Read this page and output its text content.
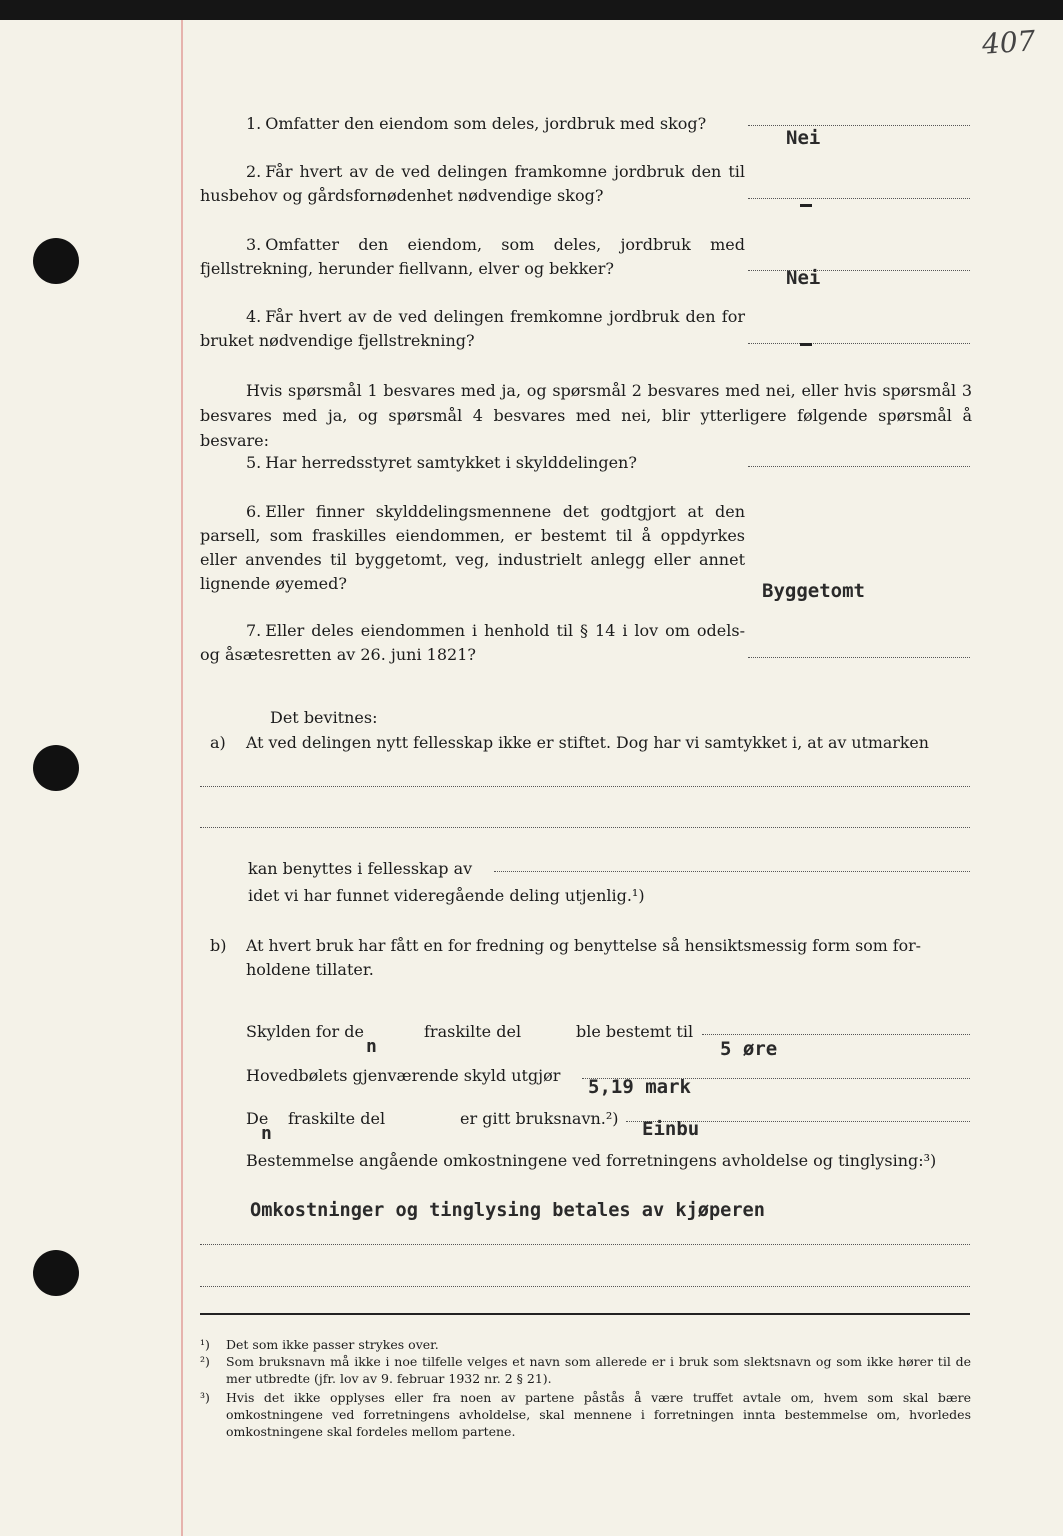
407
1. Omfatter den eiendom som deles, jordbruk med skog?
Nei
2. Får hvert av de ved delingen framkomne jordbruk den til husbehov og gårdsfornødenhet nødvendige skog?
3. Omfatter den eiendom, som deles, jordbruk med fjellstrekning, herunder fiellvann, elver og bekker?	Nei
4. Får hvert av de ved delingen fremkomne jordbruk den for bruket nødvendige fjellstrekning?
Hvis spørsmål 1 besvares med ja, og spørsmål 2 besvares med nei, eller hvis spørsmål 3 besvares med ja, og spørsmål 4 besvares med nei, blir ytterligere følgende spørsmål å besvare:
5. Har herredsstyret samtykket i skylddelingen?
6. Eller finner skylddelingsmennene det godtgjort at den parsell, som fraskilles eiendommen, er bestemt til å oppdyrkes eller anvendes til byggetomt, veg, industrielt anlegg eller annet lignende øyemed?	Byggetomt
7. Eller deles eiendommen i henhold til § 14 i lov om odels- og åsætesretten av 26. juni 1821?
Det bevitnes:
a) At ved delingen nytt fellesskap ikke er stiftet. Dog har vi samtykket i, at av utmarken
kan benyttes i fellesskap av
idet vi har funnet videregående deling utjenlig.¹)
b) At hvert bruk har fått en for fredning og benyttelse så hensiktsmessig form som for-
holdene tillater.
Skylden for de
n
fraskilte del	ble bestemt til
5 øre
Hovedbølets gjenværende skyld utgjør
5,19 mark
De
n
fraskilte del	er gitt bruksnavn.²) Einbu
Bestemmelse angående omkostningene ved forretningens avholdelse og tinglysing:³)
Omkostninger og tinglysing betales av kjøperen
¹) Det som ikke passer strykes over.
²) Som bruksnavn må ikke i noe tilfelle velges et navn som allerede er i bruk som slektsnavn og som ikke hører til de mer utbredte (jfr. lov av 9. februar 1932 nr. 2 § 21).
³) Hvis det ikke opplyses eller fra noen av partene påstås å være truffet avtale om, hvem som skal bære omkostningene ved forretningens avholdelse, skal mennene i forretningen innta bestemmelse om, hvorledes omkostningene skal fordeles mellom partene.
